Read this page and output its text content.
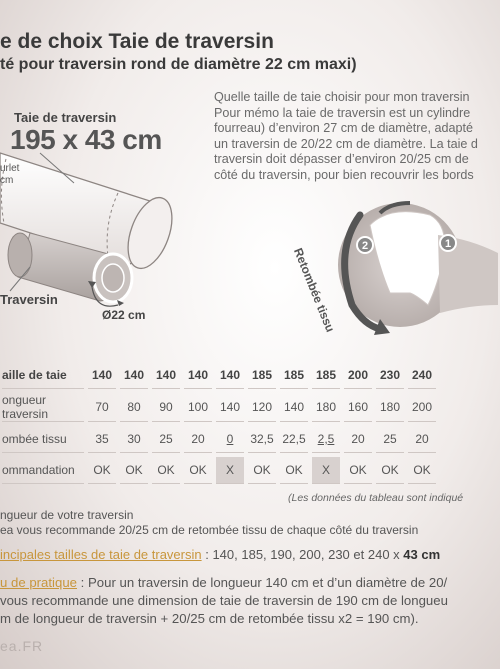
e de choix Taie de traversin
té pour traversin rond de diamètre 22 cm maxi)
Quelle taille de taie choisir pour mon traversin
Pour mémo la taie de traversin est un cylindre
fourreau) d’environ 27 cm de diamètre, adapté
un traversin de 20/22 cm de diamètre. La taie d
traversin doit dépasser d’environ 20/25 cm de
côté du traversin, pour bien recouvrir les bords
Taie de traversin
195 x 43 cm
urlet
cm
Traversin
Ø22 cm
2	1
Retombée tissu
aille de taie	140	140	140	140	140	185	185	185	200	230	240
ongueur traversin	70	80	90	100	140	120	140	180	160	180	200
ombée tissu	35	30	25	20	0	32,5	22,5	2,5	20	25	20
ommandation	OK	OK	OK	OK	X	OK	OK	X	OK	OK	OK
(Les données du tableau sont indiqué
ngueur de votre traversin
ea vous recommande 20/25 cm de retombée tissu de chaque côté du traversin
incipales tailles de taie de traversin : 140, 185, 190, 200, 230 et 240 x 43 cm
u de pratique : Pour un traversin de longueur 140 cm et d’un diamètre de 20/
vous recommande une dimension de taie de traversin de 190 cm de longueu
m de longueur de traversin + 20/25 cm de retombée tissu x2 = 190 cm).
ea.FR
